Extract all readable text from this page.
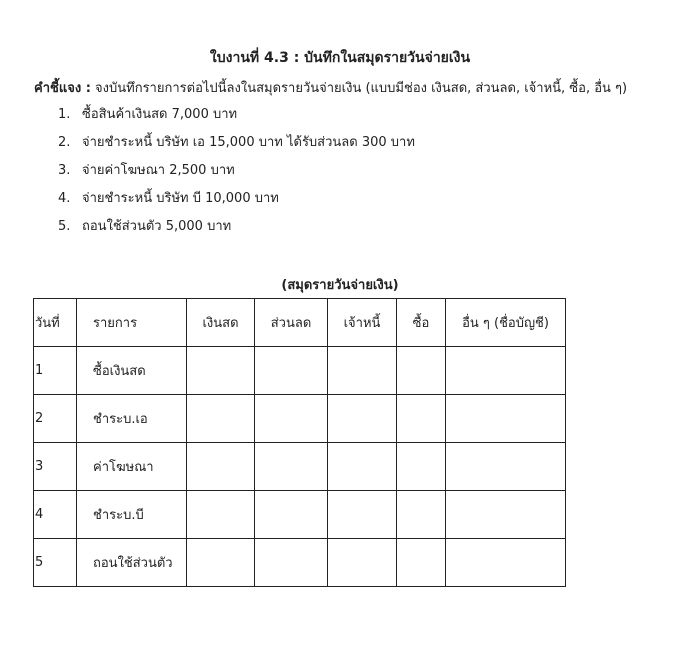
ใบงานที่ 4.3 : บันทึกในสมุดรายวันจ่ายเงิน
คำชี้แจง : จงบันทึกรายการต่อไปนี้ลงในสมุดรายวันจ่ายเงิน (แบบมีช่อง เงินสด, ส่วนลด, เจ้าหนี้, ซื้อ, อื่น ๆ)
1. ซื้อสินค้าเงินสด 7,000 บาท
2. จ่ายชำระหนี้ บริษัท เอ 15,000 บาท ได้รับส่วนลด 300 บาท
3. จ่ายค่าโฆษณา 2,500 บาท
4. จ่ายชำระหนี้ บริษัท บี 10,000 บาท
5. ถอนใช้ส่วนตัว 5,000 บาท
(สมุดรายวันจ่ายเงิน)
วันที่	รายการ	เงินสด	ส่วนลด	เจ้าหนี้	ซื้อ	อื่น ๆ (ชื่อบัญชี)
1	ซื้อเงินสด					
2	ชำระบ.เอ					
3	ค่าโฆษณา					
4	ชำระบ.บี					
5	ถอนใช้ส่วนตัว					
